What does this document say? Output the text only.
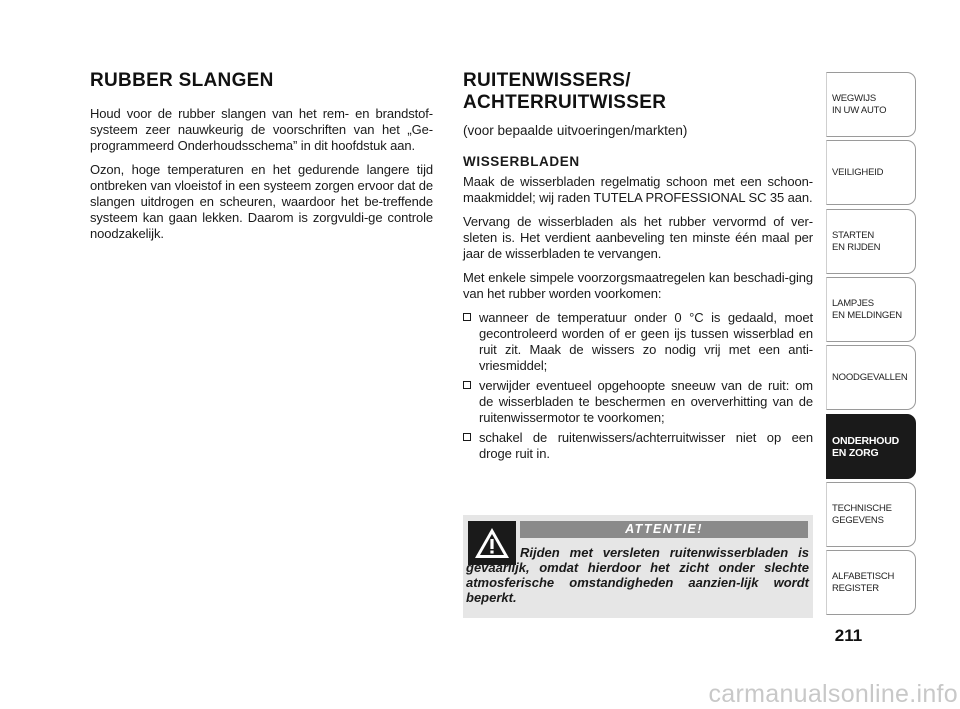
RUBBER SLANGEN

Houd voor de rubber slangen van het rem- en brandstof-systeem zeer nauwkeurig de voorschriften van het „Ge-programmeerd Onderhoudsschema” in dit hoofdstuk aan.

Ozon, hoge temperaturen en het gedurende langere tijd ontbreken van vloeistof in een systeem zorgen ervoor dat de slangen uitdrogen en scheuren, waardoor het be-treffende systeem kan gaan lekken. Daarom is zorgvuldi-ge controle noodzakelijk.

RUITENWISSERS/
ACHTERRUITWISSER
(voor bepaalde uitvoeringen/markten)
WISSERBLADEN

Maak de wisserbladen regelmatig schoon met een schoon-maakmiddel; wij raden TUTELA PROFESSIONAL SC 35 aan.

Vervang de wisserbladen als het rubber vervormd of ver-sleten is. Het verdient aanbeveling ten minste één maal per jaar de wisserbladen te vervangen.

Met enkele simpele voorzorgsmaatregelen kan beschadi-ging van het rubber worden voorkomen:

wanneer de temperatuur onder 0 °C is gedaald, moet gecontroleerd worden of er geen ijs tussen wisserblad en ruit zit. Maak de wissers zo nodig vrij met een anti-vriesmiddel;
verwijder eventueel opgehoopte sneeuw van de ruit: om de wisserbladen te beschermen en oververhitting van de ruitenwissermotor te voorkomen;
schakel de ruitenwissers/achterruitwisser niet op een droge ruit in.
ATTENTIE!
Rijden met versleten ruitenwisserbladen is gevaarlijk, omdat hierdoor het zicht onder slechte atmosferische omstandigheden aanzien-lijk wordt beperkt.
WEGWIJS
IN UW AUTO
VEILIGHEID
STARTEN
EN RIJDEN
LAMPJES
EN MELDINGEN
NOODGEVALLEN
ONDERHOUD
EN ZORG
TECHNISCHE
GEGEVENS
ALFABETISCH
REGISTER
211
carmanualsonline.info
